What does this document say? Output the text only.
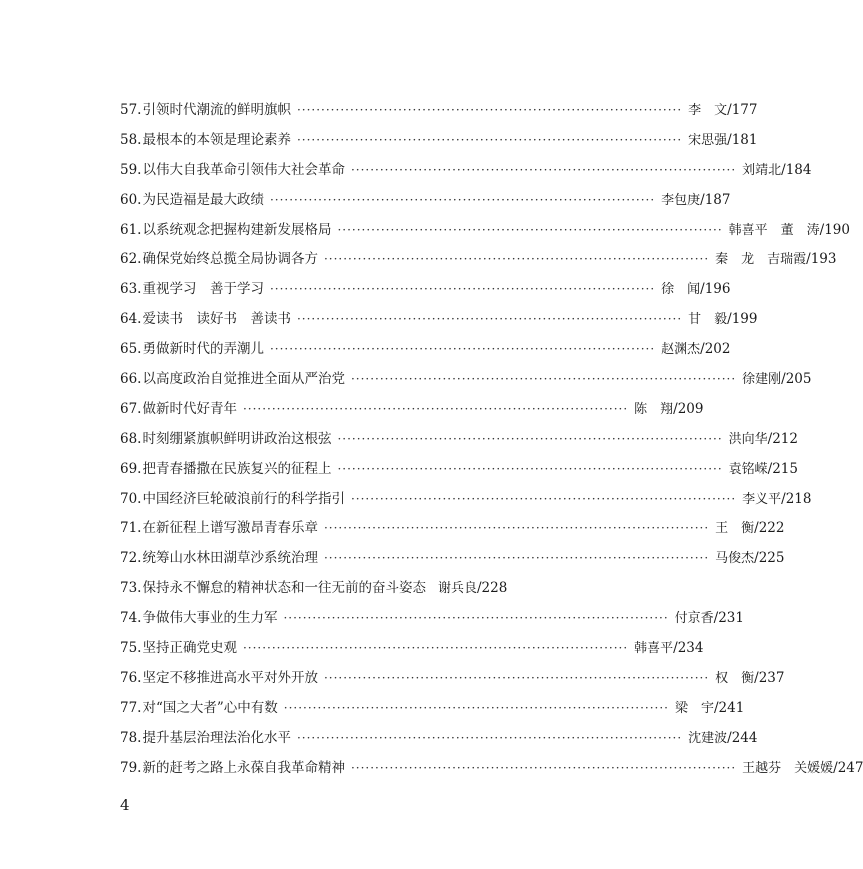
57. 引领时代潮流的鲜明旗帜 ················································································ 李　文 /177
58. 最根本的本领是理论素养 ················································································ 宋思强 /181
59. 以伟大自我革命引领伟大社会革命 ················································································ 刘靖北 /184
60. 为民造福是最大政绩 ················································································ 李包庚 /187
61. 以系统观念把握构建新发展格局 ················································································ 韩喜平　董　涛 /190
62. 确保党始终总揽全局协调各方 ················································································ 秦　龙　吉瑞霞 /193
63. 重视学习　善于学习 ················································································ 徐　闻 /196
64. 爱读书　读好书　善读书 ················································································ 甘　毅 /199
65. 勇做新时代的弄潮儿 ················································································ 赵渊杰 /202
66. 以高度政治自觉推进全面从严治党 ················································································ 徐建刚 /205
67. 做新时代好青年 ················································································ 陈　翔 /209
68. 时刻绷紧旗帜鲜明讲政治这根弦 ················································································ 洪向华 /212
69. 把青春播撒在民族复兴的征程上 ················································································ 袁铭嵘 /215
70. 中国经济巨轮破浪前行的科学指引 ················································································ 李义平 /218
71. 在新征程上谱写激昂青春乐章 ················································································ 王　衡 /222
72. 统筹山水林田湖草沙系统治理 ················································································ 马俊杰 /225
73. 保持永不懈怠的精神状态和一往无前的奋斗姿态 谢兵良 /228
74. 争做伟大事业的生力军 ················································································ 付京香 /231
75. 坚持正确党史观 ················································································ 韩喜平 /234
76. 坚定不移推进高水平对外开放 ················································································ 权　衡 /237
77. 对“国之大者”心中有数 ················································································ 梁　宇 /241
78. 提升基层治理法治化水平 ················································································ 沈建波 /244
79. 新的赶考之路上永葆自我革命精神 ················································································ 王越芬　关媛媛 /247
4
